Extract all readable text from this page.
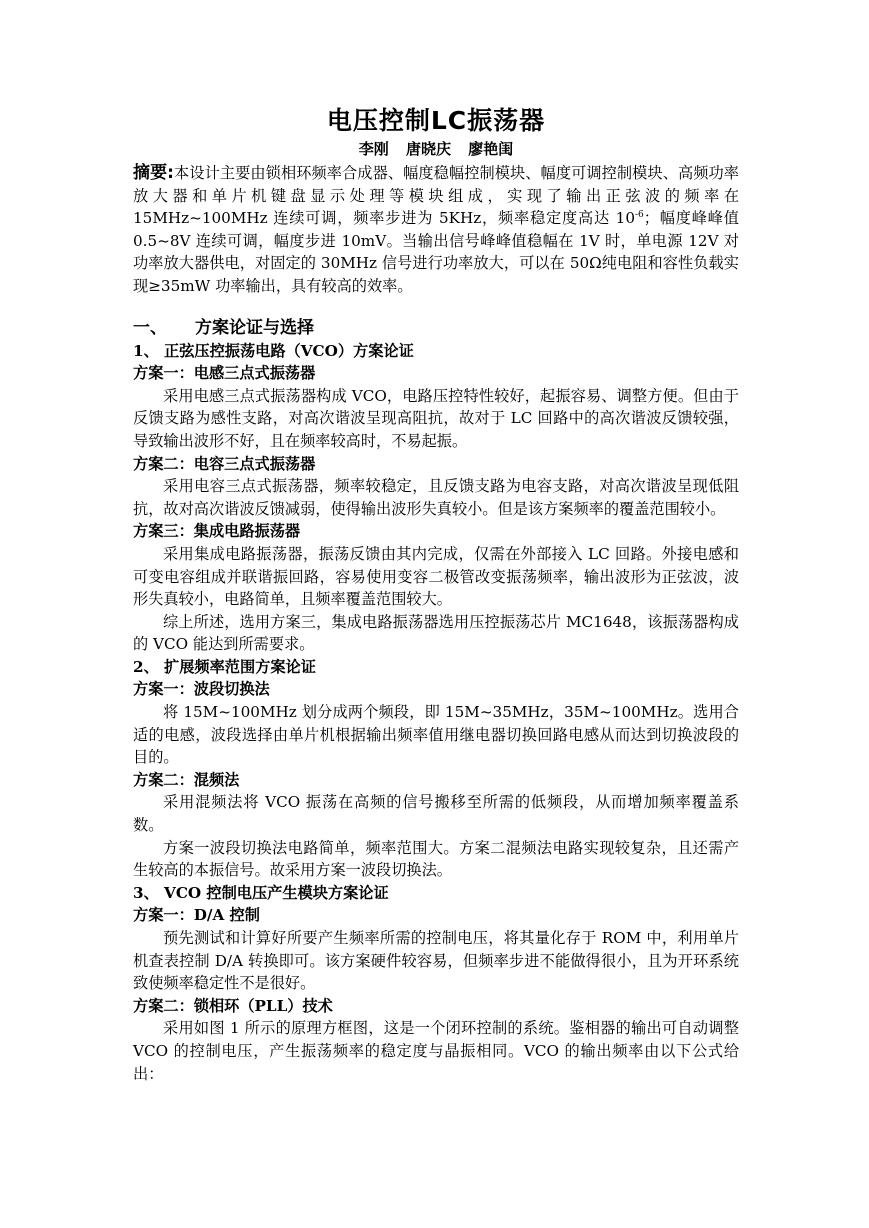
电压控制LC振荡器
李刚 唐晓庆 廖艳闺

摘要:本设计主要由锁相环频率合成器、幅度稳幅控制模块、幅度可调控制模块、高频功率放大器和单片机键盘显示处理等模块组成，实现了输出正弦波的频率在 15MHz~100MHz 连续可调，频率步进为 5KHz，频率稳定度高达 $10^{-6}$；幅度峰峰值 0.5~8V 连续可调，幅度步进 10mV。当输出信号峰峰值稳幅在 1V 时，单电源 12V 对功率放大器供电，对固定的 30MHz 信号进行功率放大，可以在 50Ω纯电阻和容性负载实现≥35mW 功率输出，具有较高的效率。

一、 方案论证与选择
1、 正弦压控振荡电路（VCO）方案论证
方案一：电感三点式振荡器

采用电感三点式振荡器构成 VCO，电路压控特性较好，起振容易、调整方便。但由于反馈支路为感性支路，对高次谐波呈现高阻抗，故对于 LC 回路中的高次谐波反馈较强，导致输出波形不好，且在频率较高时，不易起振。

方案二：电容三点式振荡器

采用电容三点式振荡器，频率较稳定，且反馈支路为电容支路，对高次谐波呈现低阻抗，故对高次谐波反馈减弱，使得输出波形失真较小。但是该方案频率的覆盖范围较小。

方案三：集成电路振荡器

采用集成电路振荡器，振荡反馈由其内完成，仅需在外部接入 LC 回路。外接电感和可变电容组成并联谐振回路，容易使用变容二极管改变振荡频率，输出波形为正弦波，波形失真较小，电路简单，且频率覆盖范围较大。

综上所述，选用方案三，集成电路振荡器选用压控振荡芯片 MC1648，该振荡器构成的 VCO 能达到所需要求。

2、 扩展频率范围方案论证
方案一：波段切换法

将 15M~100MHz 划分成两个频段，即 15M~35MHz，35M~100MHz。选用合适的电感，波段选择由单片机根据输出频率值用继电器切换回路电感从而达到切换波段的目的。

方案二：混频法

采用混频法将 VCO 振荡在高频的信号搬移至所需的低频段，从而增加频率覆盖系数。

方案一波段切换法电路简单，频率范围大。方案二混频法电路实现较复杂，且还需产生较高的本振信号。故采用方案一波段切换法。

3、 VCO 控制电压产生模块方案论证
方案一：D/A 控制

预先测试和计算好所要产生频率所需的控制电压，将其量化存于 ROM 中，利用单片机查表控制 D/A 转换即可。该方案硬件较容易，但频率步进不能做得很小，且为开环系统致使频率稳定性不是很好。

方案二：锁相环（PLL）技术

采用如图 1 所示的原理方框图，这是一个闭环控制的系统。鉴相器的输出可自动调整 VCO 的控制电压，产生振荡频率的稳定度与晶振相同。VCO 的输出频率由以下公式给出：
